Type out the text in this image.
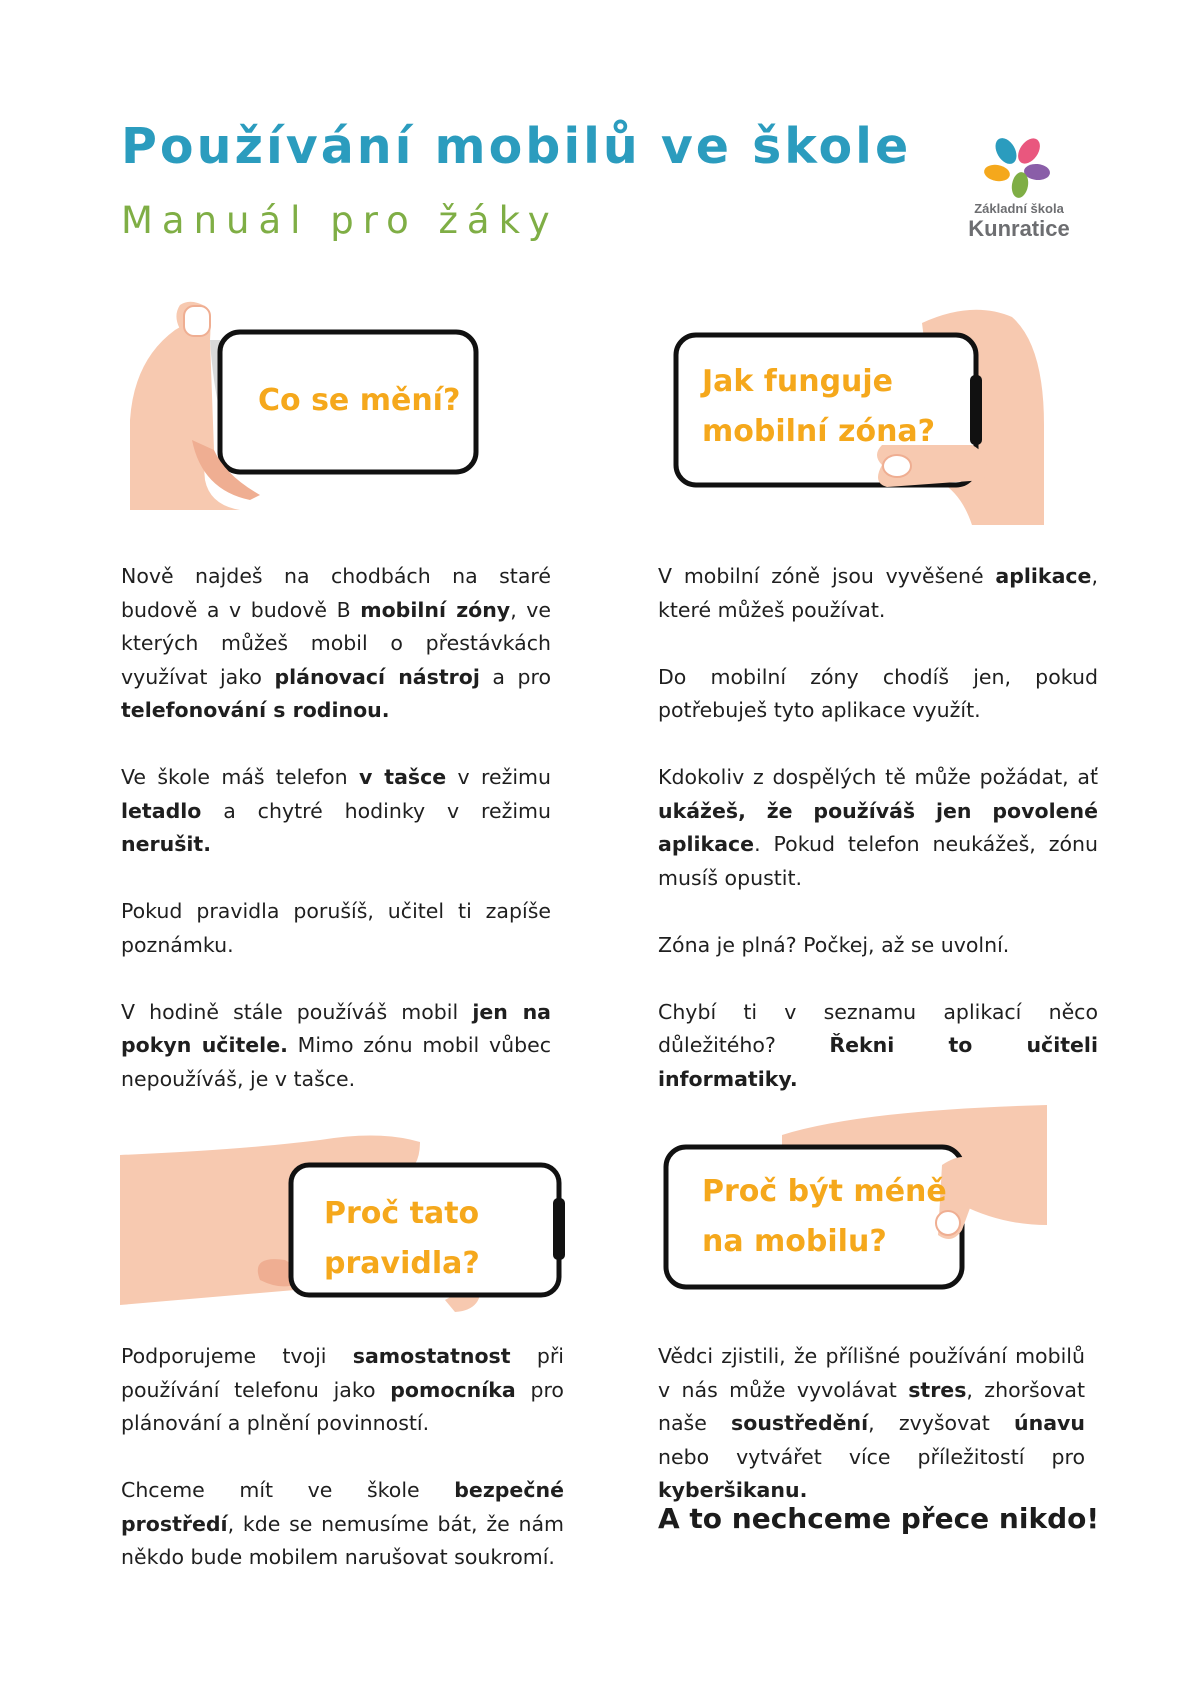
Používání mobilů ve škole
Manuál pro žáky	Základní škola
Kunratice
Co se mění?
Jak funguje
mobilní zóna?
Proč tato
pravidla?
Proč být méně
na mobilu?

Nově najdeš na chodbách na staré budově a v budově B mobilní zóny, ve kterých můžeš mobil o přestávkách využívat jako plánovací nástroj a pro telefonování s rodinou.

Ve škole máš telefon v tašce v režimu letadlo a chytré hodinky v režimu nerušit.

Pokud pravidla porušíš, učitel ti zapíše poznámku.

V hodině stále používáš mobil jen na pokyn učitele. Mimo zónu mobil vůbec nepoužíváš, je v tašce.

V mobilní zóně jsou vyvěšené aplikace, které můžeš používat.

Do mobilní zóny chodíš jen, pokud potřebuješ tyto aplikace využít.

Kdokoliv z dospělých tě může požádat, ať ukážeš, že používáš jen povolené aplikace. Pokud telefon neukážeš, zónu musíš opustit.

Zóna je plná? Počkej, až se uvolní.

Chybí ti v seznamu aplikací něco důležitého? Řekni to učiteli informatiky.

Podporujeme tvoji samostatnost při používání telefonu jako pomocníka pro plánování a plnění povinností.

Chceme mít ve škole bezpečné prostředí, kde se nemusíme bát, že nám někdo bude mobilem narušovat soukromí.

Vědci zjistili, že přílišné používání mobilů v nás může vyvolávat stres, zhoršovat naše soustředění, zvyšovat únavu nebo vytvářet více příležitostí pro kyberšikanu.

A to nechceme přece nikdo!
